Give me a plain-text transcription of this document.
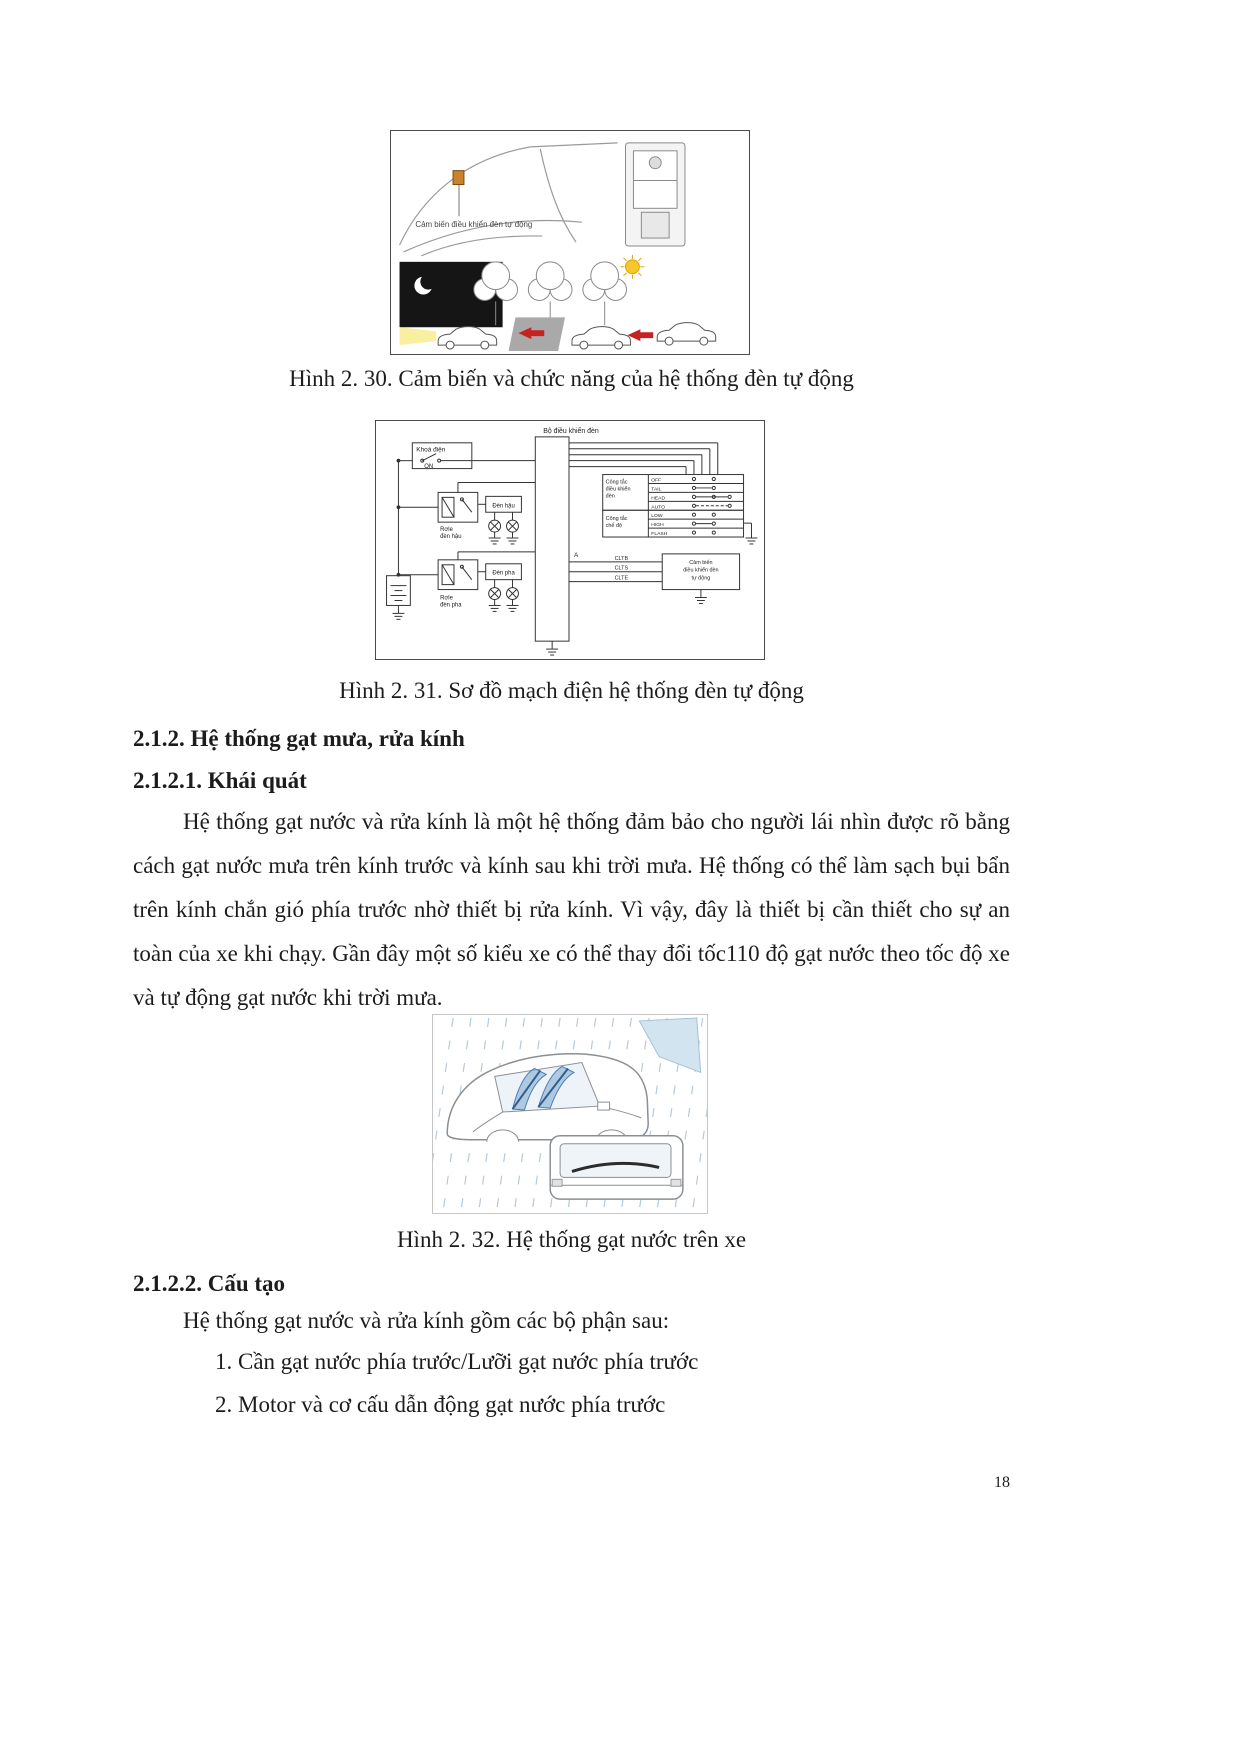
Cảm biến điều khiển đèn tự động
Hình 2. 30. Cảm biến và chức năng của hệ thống đèn tự động
Bộ điều khiển đèn
Khoá điện
ON
Rơle
đèn hậu
Đèn hậu
Rơle
đèn pha
Đèn pha
Công tắc
điều khiển
đèn
OFF
TAIL
HEAD
AUTO
Công tắc
chế độ
LOW
HIGH
FLASH
Cảm biến
điều khiển đèn
tự động
CLTB
CLTS
CLTE
A
Hình 2. 31. Sơ đồ mạch điện hệ thống đèn tự động
2.1.2. Hệ thống gạt mưa, rửa kính
2.1.2.1. Khái quát

Hệ thống gạt nước và rửa kính là một hệ thống đảm bảo cho người lái nhìn được rõ bằng cách gạt nước mưa trên kính trước và kính sau khi trời mưa. Hệ thống có thể làm sạch bụi bẩn trên kính chắn gió phía trước nhờ thiết bị rửa kính. Vì vậy, đây là thiết bị cần thiết cho sự an toàn của xe khi chạy. Gần đây một số kiểu xe có thể thay đổi tốc110 độ gạt nước theo tốc độ xe và tự động gạt nước khi trời mưa.

Hình 2. 32. Hệ thống gạt nước trên xe
2.1.2.2. Cấu tạo

Hệ thống gạt nước và rửa kính gồm các bộ phận sau:

1. Cần gạt nước phía trước/Lưỡi gạt nước phía trước
2. Motor và cơ cấu dẫn động gạt nước phía trước
18
